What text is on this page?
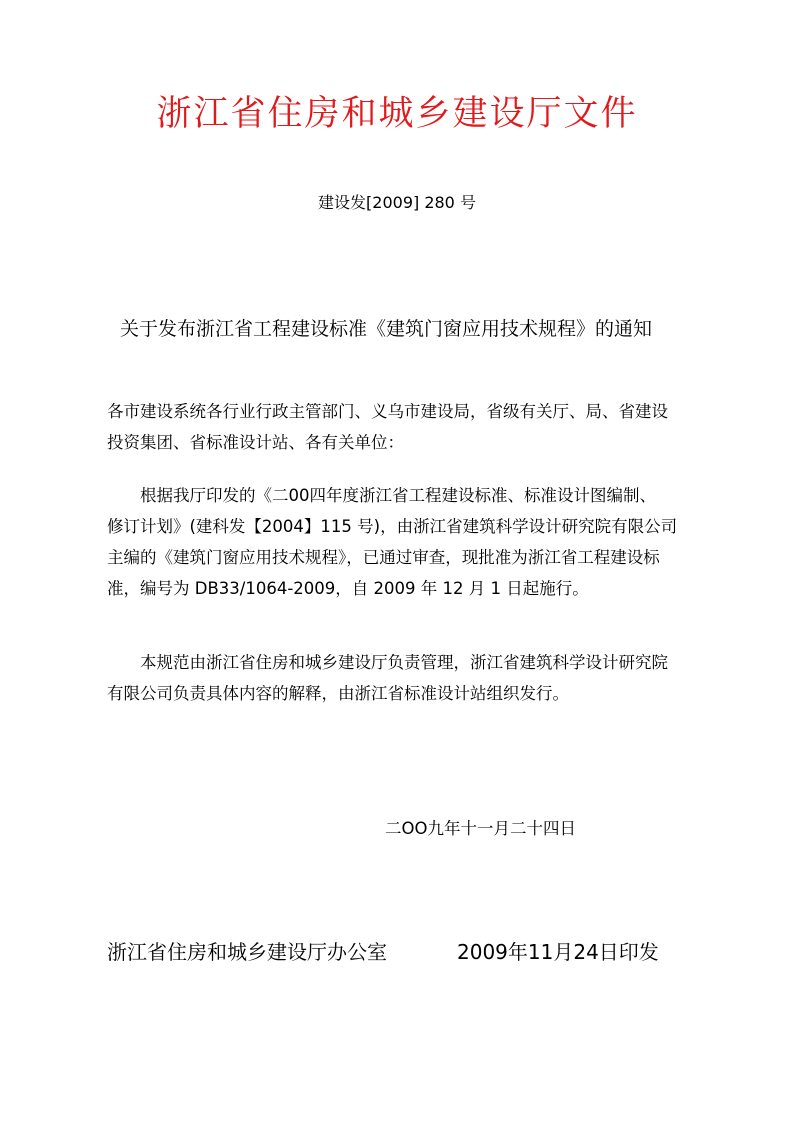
浙江省住房和城乡建设厅文件
建设发[2009] 280 号
关于发布浙江省工程建设标准《建筑门窗应用技术规程》的通知
各市建设系统各行业行政主管部门、义乌市建设局，省级有关厅、局、省建设
投资集团、省标准设计站、各有关单位：
根据我厅印发的《二00四年度浙江省工程建设标准、标准设计图编制、
修订计划》(建科发【2004】115 号)，由浙江省建筑科学设计研究院有限公司
主编的《建筑门窗应用技术规程》，已通过审查，现批准为浙江省工程建设标
准，编号为 DB33/1064-2009，自 2009 年 12 月 1 日起施行。
本规范由浙江省住房和城乡建设厅负责管理，浙江省建筑科学设计研究院
有限公司负责具体内容的解释，由浙江省标准设计站组织发行。
二OO九年十一月二十四日
浙江省住房和城乡建设厅办公室	2009年11月24日印发
